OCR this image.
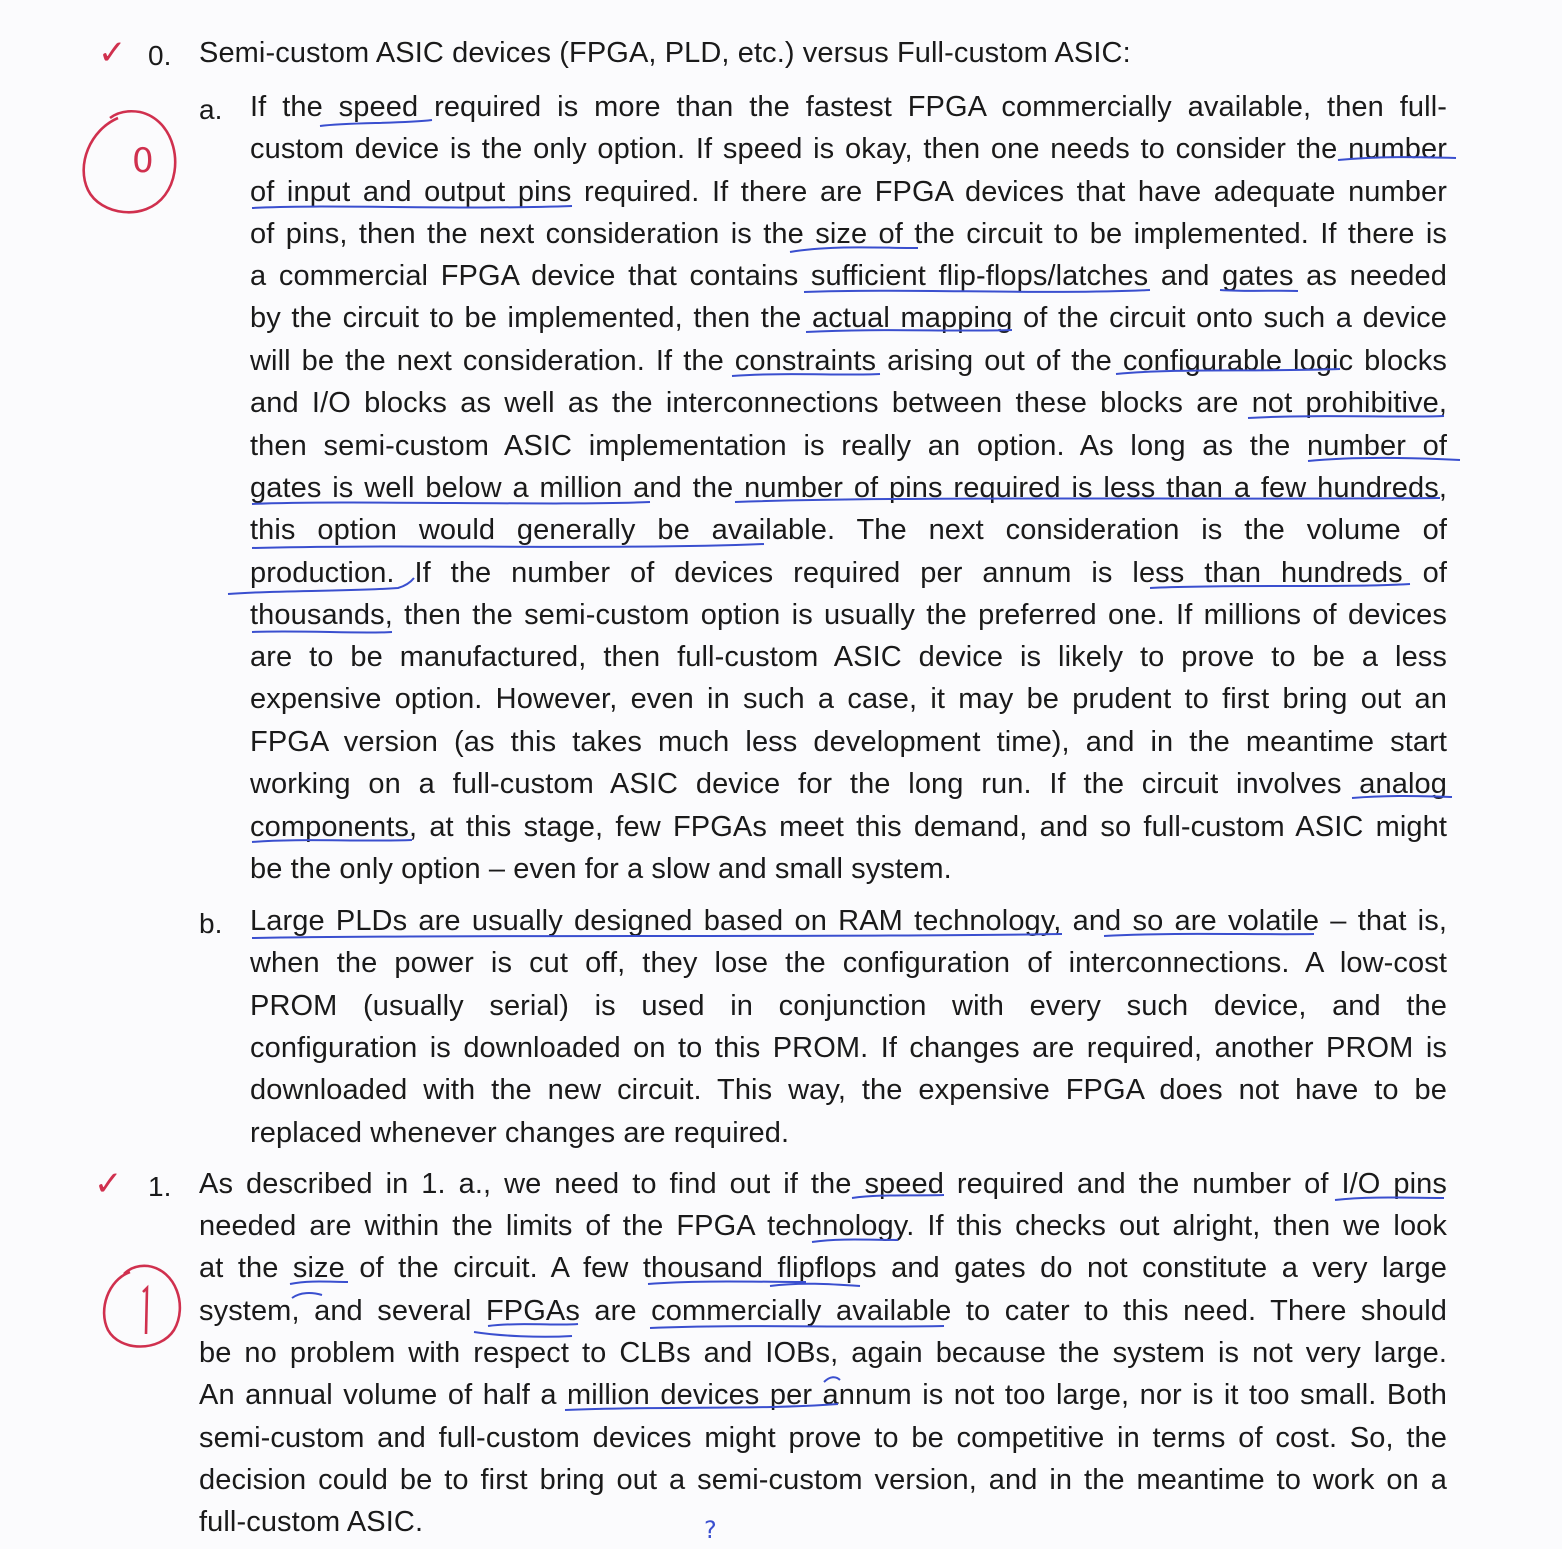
✓ 0. Semi-custom ASIC devices (FPGA, PLD, etc.) versus Full-custom ASIC:
a. If the speed required is more than the fastest FPGA commercially available, then full-
custom device is the only option. If speed is okay, then one needs to consider the number
of input and output pins required. If there are FPGA devices that have adequate number
of pins, then the next consideration is the size of the circuit to be implemented. If there is
a commercial FPGA device that contains sufficient flip-flops/latches and gates as needed
by the circuit to be implemented, then the actual mapping of the circuit onto such a device
will be the next consideration. If the constraints arising out of the configurable logic blocks
and I/O blocks as well as the interconnections between these blocks are not prohibitive,
then semi-custom ASIC implementation is really an option. As long as the number of
gates is well below a million and the number of pins required is less than a few hundreds,
this option would generally be available. The next consideration is the volume of
production. If the number of devices required per annum is less than hundreds of
thousands, then the semi-custom option is usually the preferred one. If millions of devices
are to be manufactured, then full-custom ASIC device is likely to prove to be a less
expensive option. However, even in such a case, it may be prudent to first bring out an
FPGA version (as this takes much less development time), and in the meantime start
working on a full-custom ASIC device for the long run. If the circuit involves analog
components, at this stage, few FPGAs meet this demand, and so full-custom ASIC might
be the only option – even for a slow and small system.
b. Large PLDs are usually designed based on RAM technology, and so are volatile – that is,
when the power is cut off, they lose the configuration of interconnections. A low-cost
PROM (usually serial) is used in conjunction with every such device, and the
configuration is downloaded on to this PROM. If changes are required, another PROM is
downloaded with the new circuit. This way, the expensive FPGA does not have to be
replaced whenever changes are required.
✓ 1. As described in 1. a., we need to find out if the speed required and the number of I/O pins
needed are within the limits of the FPGA technology. If this checks out alright, then we look
at the size of the circuit. A few thousand flipflops and gates do not constitute a very large
system, and several FPGAs are commercially available to cater to this need. There should
be no problem with respect to CLBs and IOBs, again because the system is not very large.
An annual volume of half a million devices per annum is not too large, nor is it too small. Both
semi-custom and full-custom devices might prove to be competitive in terms of cost. So, the
decision could be to first bring out a semi-custom version, and in the meantime to work on a
full-custom ASIC.
0
?
